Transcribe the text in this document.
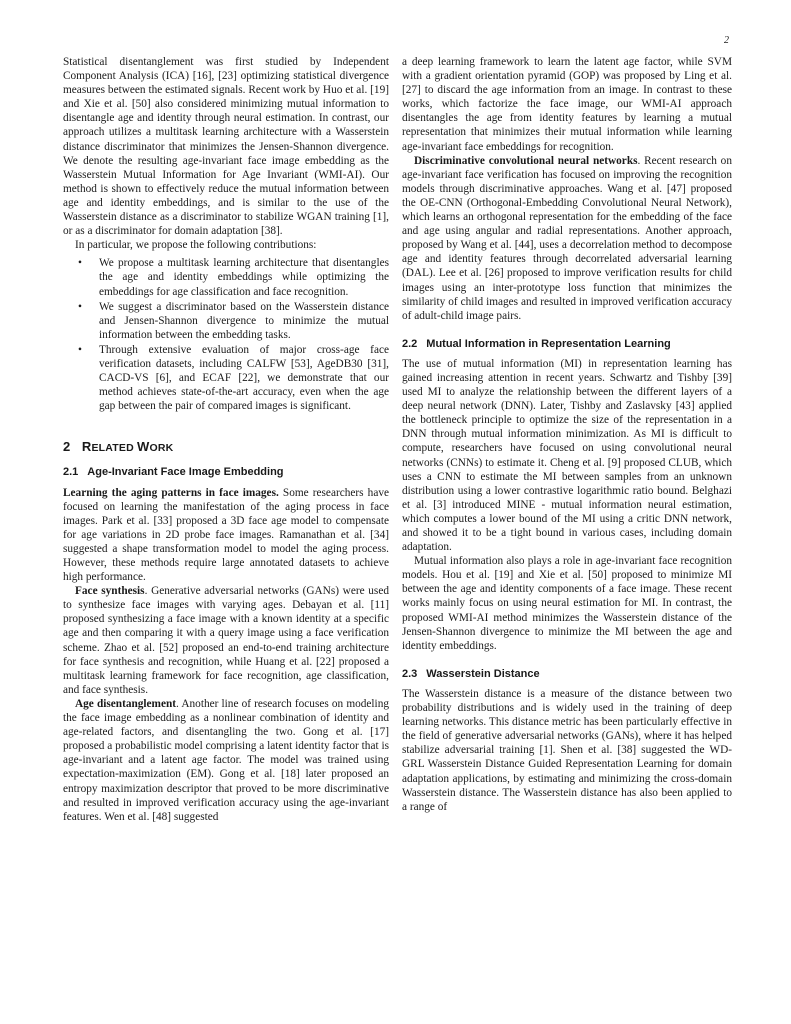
2

Statistical disentanglement was first studied by Independent Component Analysis (ICA) [16], [23] optimizing statistical divergence measures between the estimated signals. Recent work by Huo et al. [19] and Xie et al. [50] also considered minimizing mutual information to disentangle age and identity through neural estimation. In contrast, our approach utilizes a multitask learning architecture with a Wasserstein distance discriminator that minimizes the Jensen-Shannon divergence. We denote the resulting age-invariant face image embedding as the Wasserstein Mutual Information for Age Invariant (WMI-AI). Our method is shown to effectively reduce the mutual information between age and identity embeddings, and is similar to the use of the Wasserstein distance as a discriminator to stabilize WGAN training [1], or as a discriminator for domain adaptation [38].

In particular, we propose the following contributions:

• We propose a multitask learning architecture that disentangles the age and identity embeddings while optimizing the embeddings for age classification and face recognition.
• We suggest a discriminator based on the Wasserstein distance and Jensen-Shannon divergence to minimize the mutual information between the embedding tasks.
• Through extensive evaluation of major cross-age face verification datasets, including CALFW [53], AgeDB30 [31], CACD-VS [6], and ECAF [22], we demonstrate that our method achieves state-of-the-art accuracy, even when the age gap between the pair of compared images is significant.
2 RELATED WORK
2.1 Age-Invariant Face Image Embedding

Learning the aging patterns in face images. Some researchers have focused on learning the manifestation of the aging process in face images. Park et al. [33] proposed a 3D face age model to compensate for age variations in 2D probe face images. Ramanathan et al. [34] suggested a shape transformation model to model the aging process. However, these methods require large annotated datasets to achieve high performance.

Face synthesis. Generative adversarial networks (GANs) were used to synthesize face images with varying ages. Debayan et al. [11] proposed synthesizing a face image with a known identity at a specific age and then comparing it with a query image using a face verification scheme. Zhao et al. [52] proposed an end-to-end training architecture for face synthesis and recognition, while Huang et al. [22] proposed a multitask learning framework for face recognition, age classification, and face synthesis.

Age disentanglement. Another line of research focuses on modeling the face image embedding as a nonlinear combination of identity and age-related factors, and disentangling the two. Gong et al. [17] proposed a probabilistic model comprising a latent identity factor that is age-invariant and a latent age factor. The model was trained using expectation-maximization (EM). Gong et al. [18] later proposed an entropy maximization descriptor that proved to be more discriminative and resulted in improved verification accuracy using the age-invariant features. Wen et al. [48] suggested

a deep learning framework to learn the latent age factor, while SVM with a gradient orientation pyramid (GOP) was proposed by Ling et al. [27] to discard the age information from an image. In contrast to these works, which factorize the face image, our WMI-AI approach disentangles the age from identity features by learning a mutual representation that minimizes their mutual information while learning age-invariant face embeddings for recognition.

Discriminative convolutional neural networks. Recent research on age-invariant face verification has focused on improving the recognition models through discriminative approaches. Wang et al. [47] proposed the OE-CNN (Orthogonal-Embedding Convolutional Neural Network), which learns an orthogonal representation for the embedding of the face and age using angular and radial representations. Another approach, proposed by Wang et al. [44], uses a decorrelation method to decompose age and identity features through decorrelated adversarial learning (DAL). Lee et al. [26] proposed to improve verification results for child images using an inter-prototype loss function that minimizes the similarity of child images and resulted in improved verification accuracy of adult-child image pairs.

2.2 Mutual Information in Representation Learning

The use of mutual information (MI) in representation learning has gained increasing attention in recent years. Schwartz and Tishby [39] used MI to analyze the relationship between the different layers of a deep neural network (DNN). Later, Tishby and Zaslavsky [43] applied the bottleneck principle to optimize the size of the representation in a DNN through mutual information minimization. As MI is difficult to compute, researchers have focused on using convolutional neural networks (CNNs) to estimate it. Cheng et al. [9] proposed CLUB, which uses a CNN to estimate the MI between samples from an unknown distribution using a lower contrastive logarithmic ratio bound. Belghazi et al. [3] introduced MINE - mutual information neural estimation, which computes a lower bound of the MI using a critic DNN network, and showed it to be a tight bound in various cases, including domain adaptation.

Mutual information also plays a role in age-invariant face recognition models. Hou et al. [19] and Xie et al. [50] proposed to minimize MI between the age and identity components of a face image. These recent works mainly focus on using neural estimation for MI. In contrast, the proposed WMI-AI method minimizes the Wasserstein distance of the Jensen-Shannon divergence to minimize the MI between the age and identity embeddings.

2.3 Wasserstein Distance

The Wasserstein distance is a measure of the distance between two probability distributions and is widely used in the training of deep learning networks. This distance metric has been particularly effective in the field of generative adversarial networks (GANs), where it has helped stabilize adversarial training [1]. Shen et al. [38] suggested the WD-GRL Wasserstein Distance Guided Representation Learning for domain adaptation applications, by estimating and minimizing the cross-domain Wasserstein distance. The Wasserstein distance has also been applied to a range of
